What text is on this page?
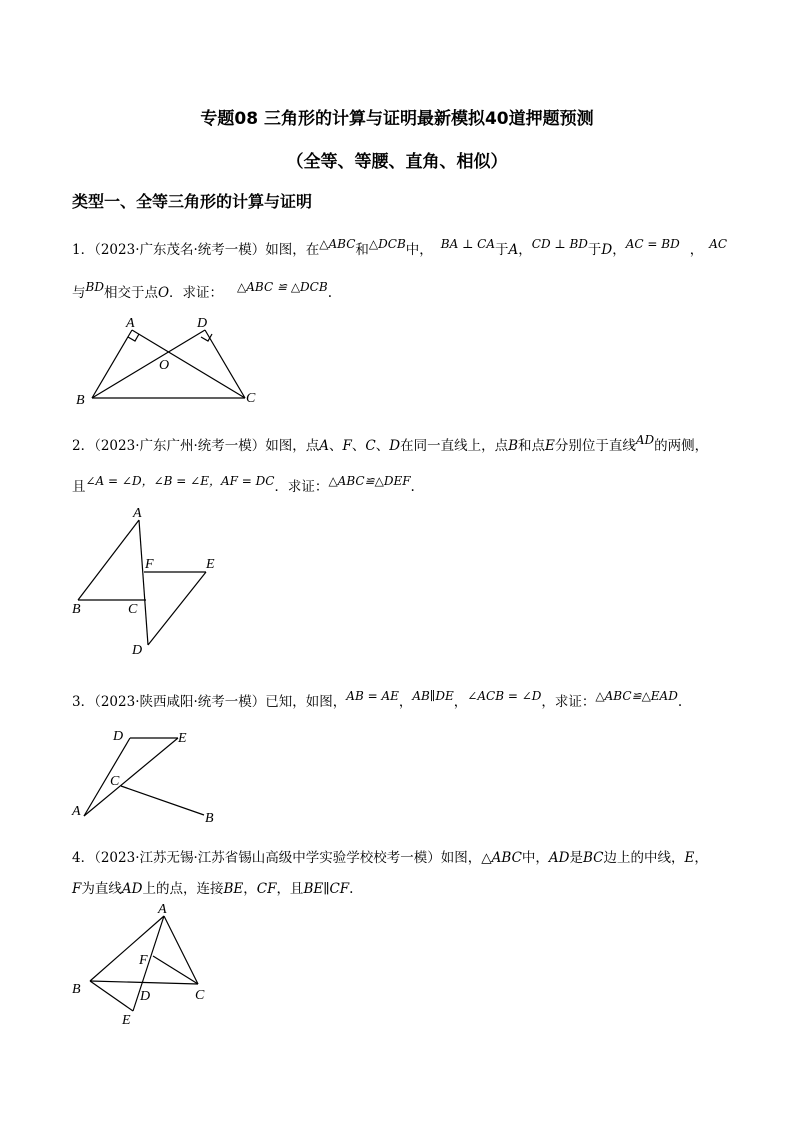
专题08 三角形的计算与证明最新模拟40道押题预测
（全等、等腰、直角、相似）
类型一、全等三角形的计算与证明
1．（2023·广东茂名·统考一模）如图，在△ABC和△DCB中， BA ⊥ CA于A，CD ⊥ BD于D，AC = BD ， AC
与BD相交于点O．求证： △ABC ≌ △DCB.
A	D
O
B	C
2．（2023·广东广州·统考一模）如图，点A、F、C、D在同一直线上，点B和点E分别位于直线AD的两侧，
且∠A = ∠D，∠B = ∠E，AF = DC．求证：△ABC≌△DEF.
A
F	E
B	C
D
3．（2023·陕西咸阳·统考一模）已知，如图，AB = AE，AB∥DE，∠ACB = ∠D，求证：△ABC≌△EAD.
D	E
C
A	B
4．（2023·江苏无锡·江苏省锡山高级中学实验学校校考一模）如图，△ABC中，AD是BC边上的中线，E，
F为直线AD上的点，连接BE，CF，且BE∥CF.
A
F
B	D	C
E
